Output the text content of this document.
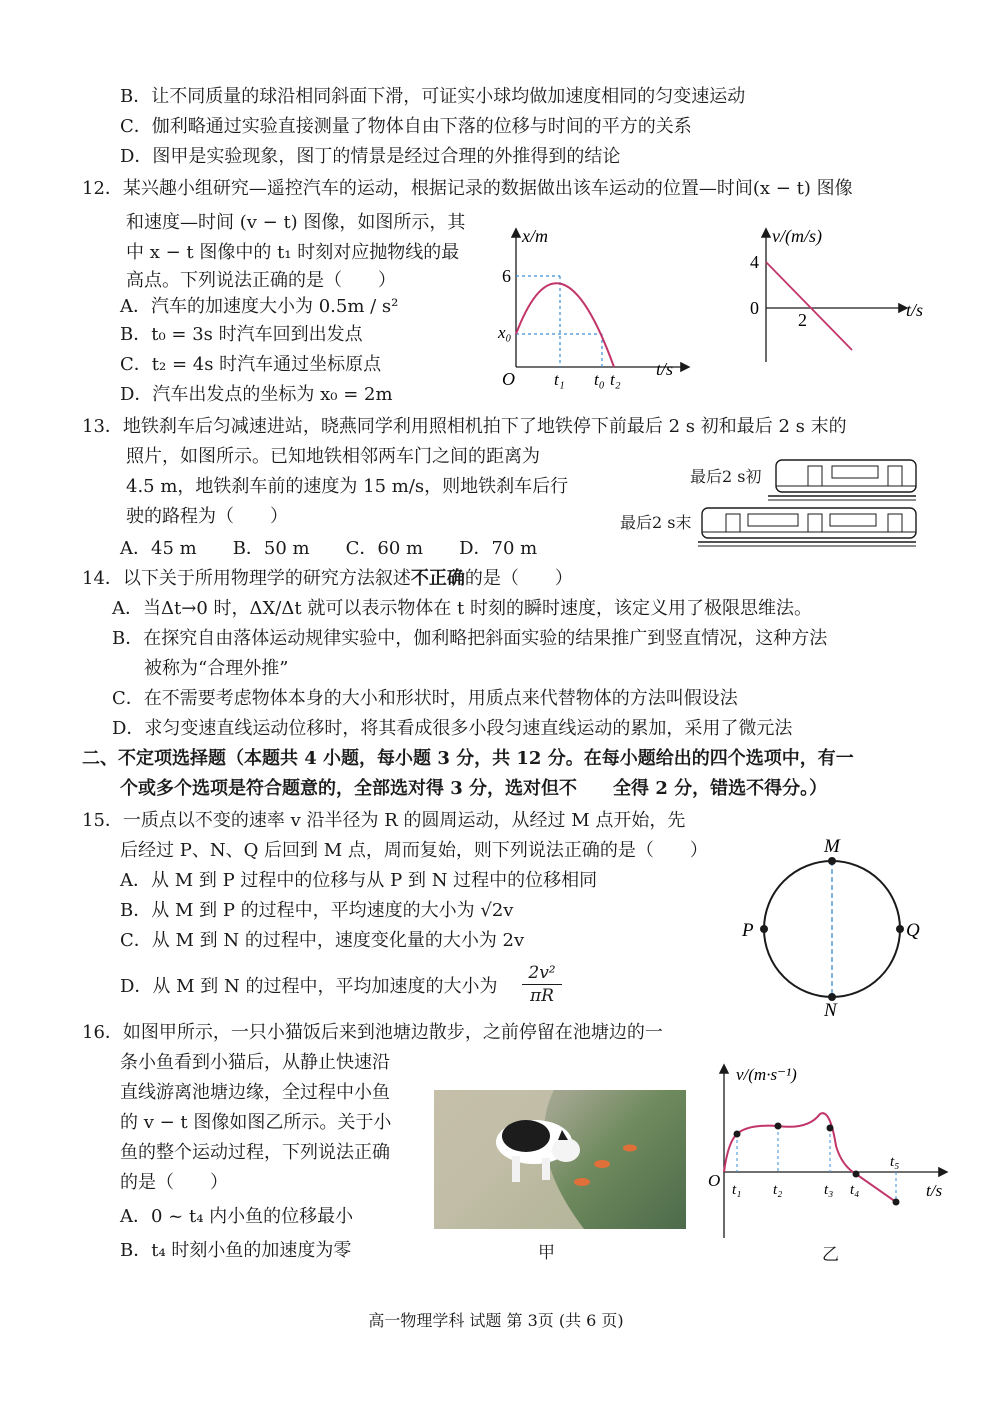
B．让不同质量的球沿相同斜面下滑，可证实小球均做加速度相同的匀变速运动
C．伽利略通过实验直接测量了物体自由下落的位移与时间的平方的关系
D．图甲是实验现象，图丁的情景是经过合理的外推得到的结论
12．某兴趣小组研究—遥控汽车的运动，根据记录的数据做出该车运动的位置—时间(x − t) 图像
和速度—时间 (v − t) 图像，如图所示，其
中 x − t 图像中的 t₁ 时刻对应抛物线的最
高点。下列说法正确的是（　　）
A．汽车的加速度大小为 0.5m / s²
B．t₀ = 3s 时汽车回到出发点
C．t₂ = 4s 时汽车通过坐标原点
D．汽车出发点的坐标为 x₀ = 2m
x/m
t/s
6
x₀
O t₁ t₀ t₂
v/(m/s)
t/s
4
0
2
13．地铁刹车后匀减速进站，晓燕同学利用照相机拍下了地铁停下前最后 2 s 初和最后 2 s 末的
照片，如图所示。已知地铁相邻两车门之间的距离为
4.5 m，地铁刹车前的速度为 15 m/s，则地铁刹车后行
驶的路程为（　　）
A．45 m　　B．50 m　　C．60 m　　D．70 m
最后2 s初
最后2 s末
14．以下关于所用物理学的研究方法叙述不正确的是（　　）
A．当Δt→0 时，ΔX/Δt 就可以表示物体在 t 时刻的瞬时速度，该定义用了极限思维法。
B．在探究自由落体运动规律实验中，伽利略把斜面实验的结果推广到竖直情况，这种方法
被称为“合理外推”
C．在不需要考虑物体本身的大小和形状时，用质点来代替物体的方法叫假设法
D．求匀变速直线运动位移时，将其看成很多小段匀速直线运动的累加，采用了微元法
二、不定项选择题（本题共 4 小题，每小题 3 分，共 12 分。在每小题给出的四个选项中，有一
个或多个选项是符合题意的，全部选对得 3 分，选对但不　　全得 2 分，错选不得分。）
15．一质点以不变的速率 v 沿半径为 R 的圆周运动，从经过 M 点开始，先
后经过 P、N、Q 后回到 M 点，周而复始，则下列说法正确的是（　　）
A．从 M 到 P 过程中的位移与从 P 到 N 过程中的位移相同
B．从 M 到 P 的过程中，平均速度的大小为 √2v
C．从 M 到 N 的过程中，速度变化量的大小为 2v
D．从 M 到 N 的过程中，平均加速度的大小为 $\frac{\text{2v²}}{\pi R}$
M
N
P	Q
16．如图甲所示，一只小猫饭后来到池塘边散步，之前停留在池塘边的一
条小鱼看到小猫后，从静止快速沿
直线游离池塘边缘，全过程中小鱼
的 v − t 图像如图乙所示。关于小
鱼的整个运动过程，下列说法正确
的是（　　）
A．0 ~ t₄ 内小鱼的位移最小
B．t₄ 时刻小鱼的加速度为零	甲
v/(m·s⁻¹)
t/s
O t₁ t₂	t₃ t₄
t₅
乙
高一物理学科 试题 第 3页 (共 6 页)
